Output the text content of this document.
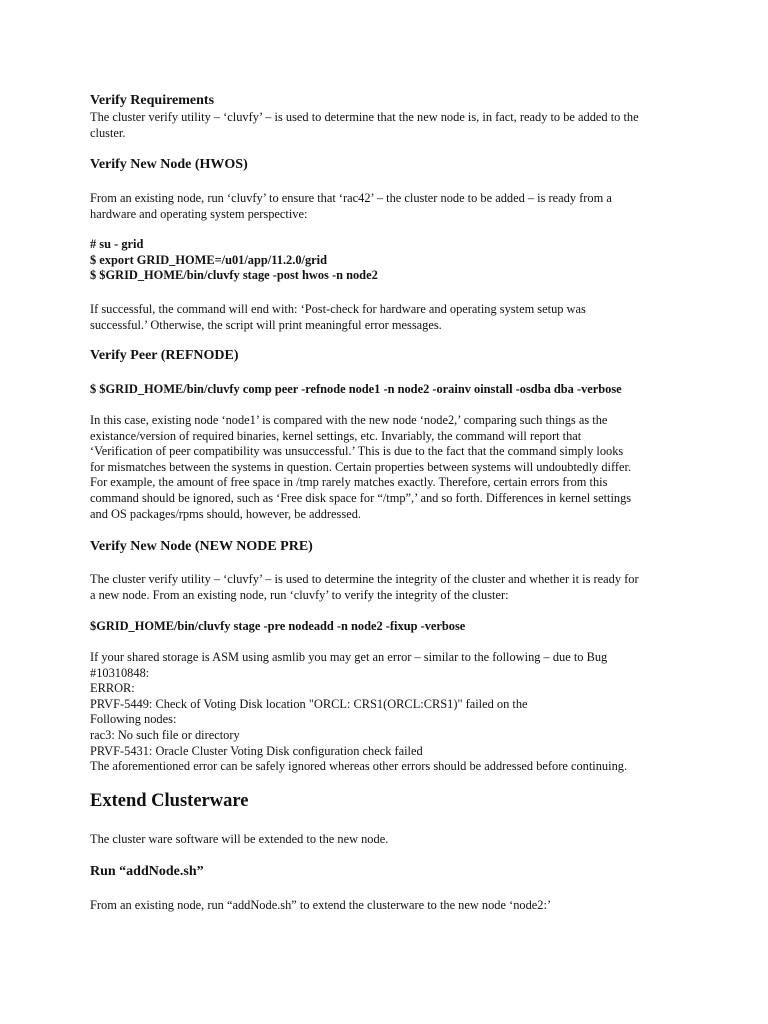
Verify Requirements
The cluster verify utility – ‘cluvfy’ – is used to determine that the new node is, in fact, ready to be added to the
cluster.
Verify New Node (HWOS)
From an existing node, run ‘cluvfy’ to ensure that ‘rac42’ – the cluster node to be added – is ready from a
hardware and operating system perspective:
# su - grid
$ export GRID_HOME=/u01/app/11.2.0/grid
$ $GRID_HOME/bin/cluvfy stage -post hwos -n node2
If successful, the command will end with: ‘Post-check for hardware and operating system setup was
successful.’ Otherwise, the script will print meaningful error messages.
Verify Peer (REFNODE)
$ $GRID_HOME/bin/cluvfy comp peer -refnode node1 -n node2 -orainv oinstall -osdba dba -verbose
In this case, existing node ‘node1’ is compared with the new node ‘node2,’ comparing such things as the
existance/version of required binaries, kernel settings, etc. Invariably, the command will report that
‘Verification of peer compatibility was unsuccessful.’ This is due to the fact that the command simply looks
for mismatches between the systems in question. Certain properties between systems will undoubtedly differ.
For example, the amount of free space in /tmp rarely matches exactly. Therefore, certain errors from this
command should be ignored, such as ‘Free disk space for “/tmp”,’ and so forth. Differences in kernel settings
and OS packages/rpms should, however, be addressed.
Verify New Node (NEW NODE PRE)
The cluster verify utility – ‘cluvfy’ – is used to determine the integrity of the cluster and whether it is ready for
a new node. From an existing node, run ‘cluvfy’ to verify the integrity of the cluster:
$GRID_HOME/bin/cluvfy stage -pre nodeadd -n node2 -fixup -verbose
If your shared storage is ASM using asmlib you may get an error – similar to the following – due to Bug
#10310848:
ERROR:
PRVF-5449: Check of Voting Disk location "ORCL: CRS1(ORCL:CRS1)" failed on the
Following nodes:
rac3: No such file or directory
PRVF-5431: Oracle Cluster Voting Disk configuration check failed
The aforementioned error can be safely ignored whereas other errors should be addressed before continuing.
Extend Clusterware
The cluster ware software will be extended to the new node.
Run “addNode.sh”
From an existing node, run “addNode.sh” to extend the clusterware to the new node ‘node2:’
